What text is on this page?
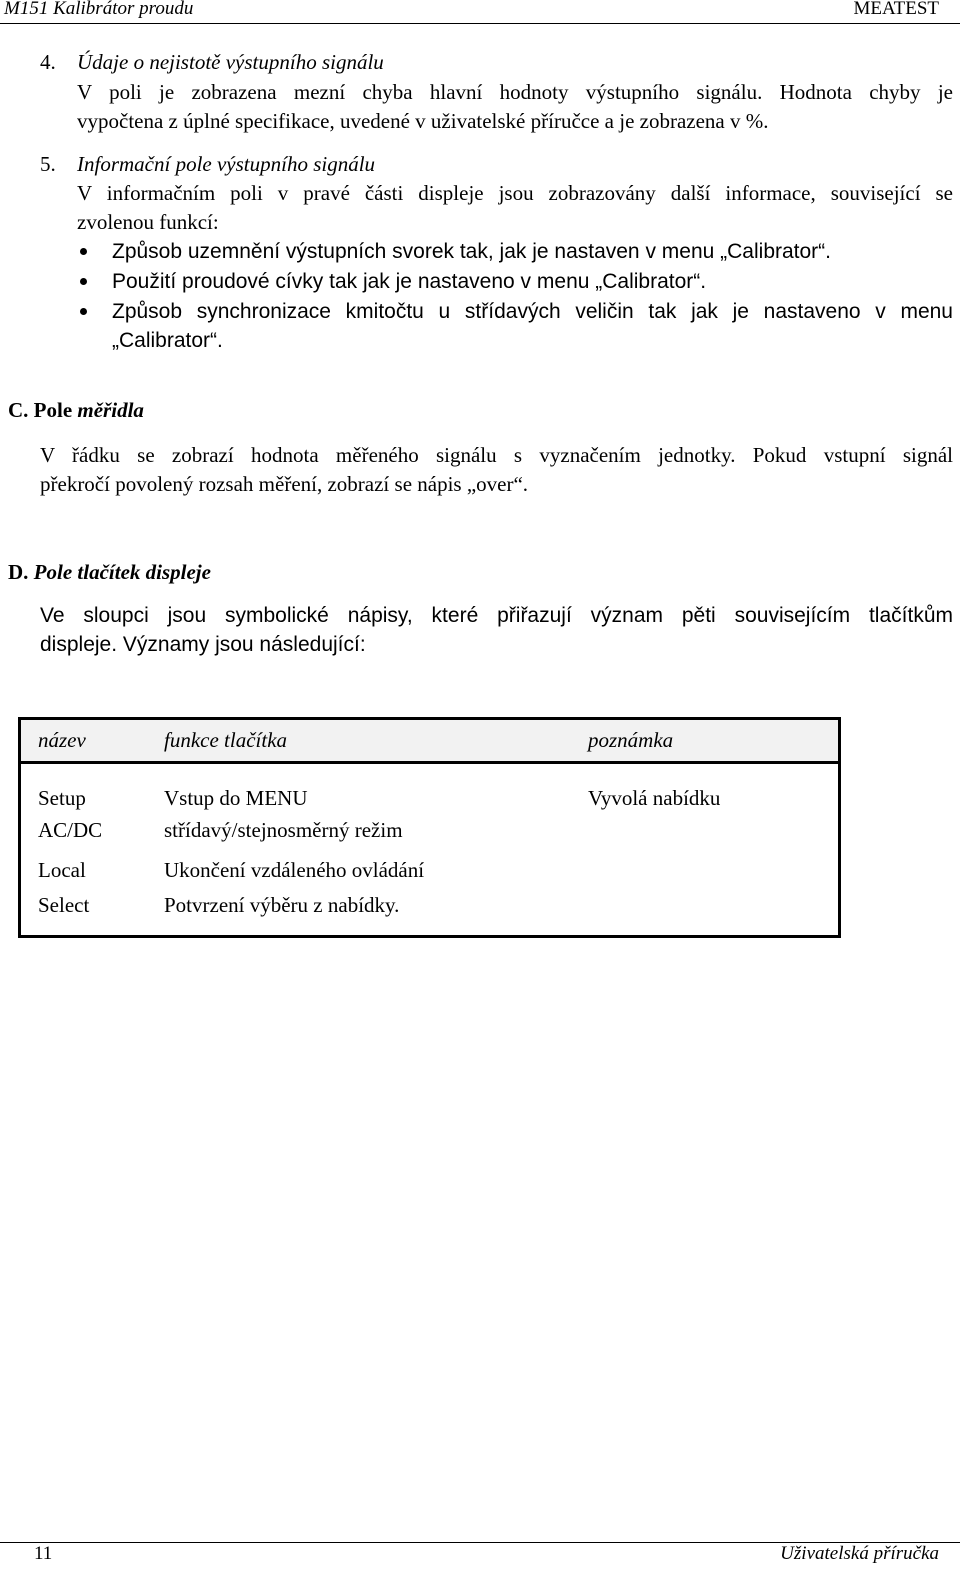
M151 Kalibrátor proudu	MEATEST
4. Údaje o nejistotě výstupního signálu
V poli je zobrazena mezní chyba hlavní hodnoty výstupního signálu. Hodnota chyby je
vypočtena z úplné specifikace, uvedené v uživatelské příručce a je zobrazena v %.
5. Informační pole výstupního signálu
V informačním poli v pravé části displeje jsou zobrazovány další informace, související se
zvolenou funkcí:
Způsob uzemnění výstupních svorek tak, jak je nastaven v menu „Calibrator“.
Použití proudové cívky tak jak je nastaveno v menu „Calibrator“.
Způsob synchronizace kmitočtu u střídavých veličin tak jak je nastaveno v menu
„Calibrator“.
C. Pole měřidla
V řádku se zobrazí hodnota měřeného signálu s vyznačením jednotky. Pokud vstupní signál
překročí povolený rozsah měření, zobrazí se nápis „over“.
D. Pole tlačítek displeje
Ve sloupci jsou symbolické nápisy, které přiřazují význam pěti souvisejícím tlačítkům
displeje. Významy jsou následující:
název	funkce tlačítka	poznámka
Setup	Vstup do MENU	Vyvolá nabídku
AC/DC	střídavý/stejnosměrný režim	
Local	Ukončení vzdáleného ovládání	
Select	Potvrzení výběru z nabídky.	
11	Uživatelská příručka
